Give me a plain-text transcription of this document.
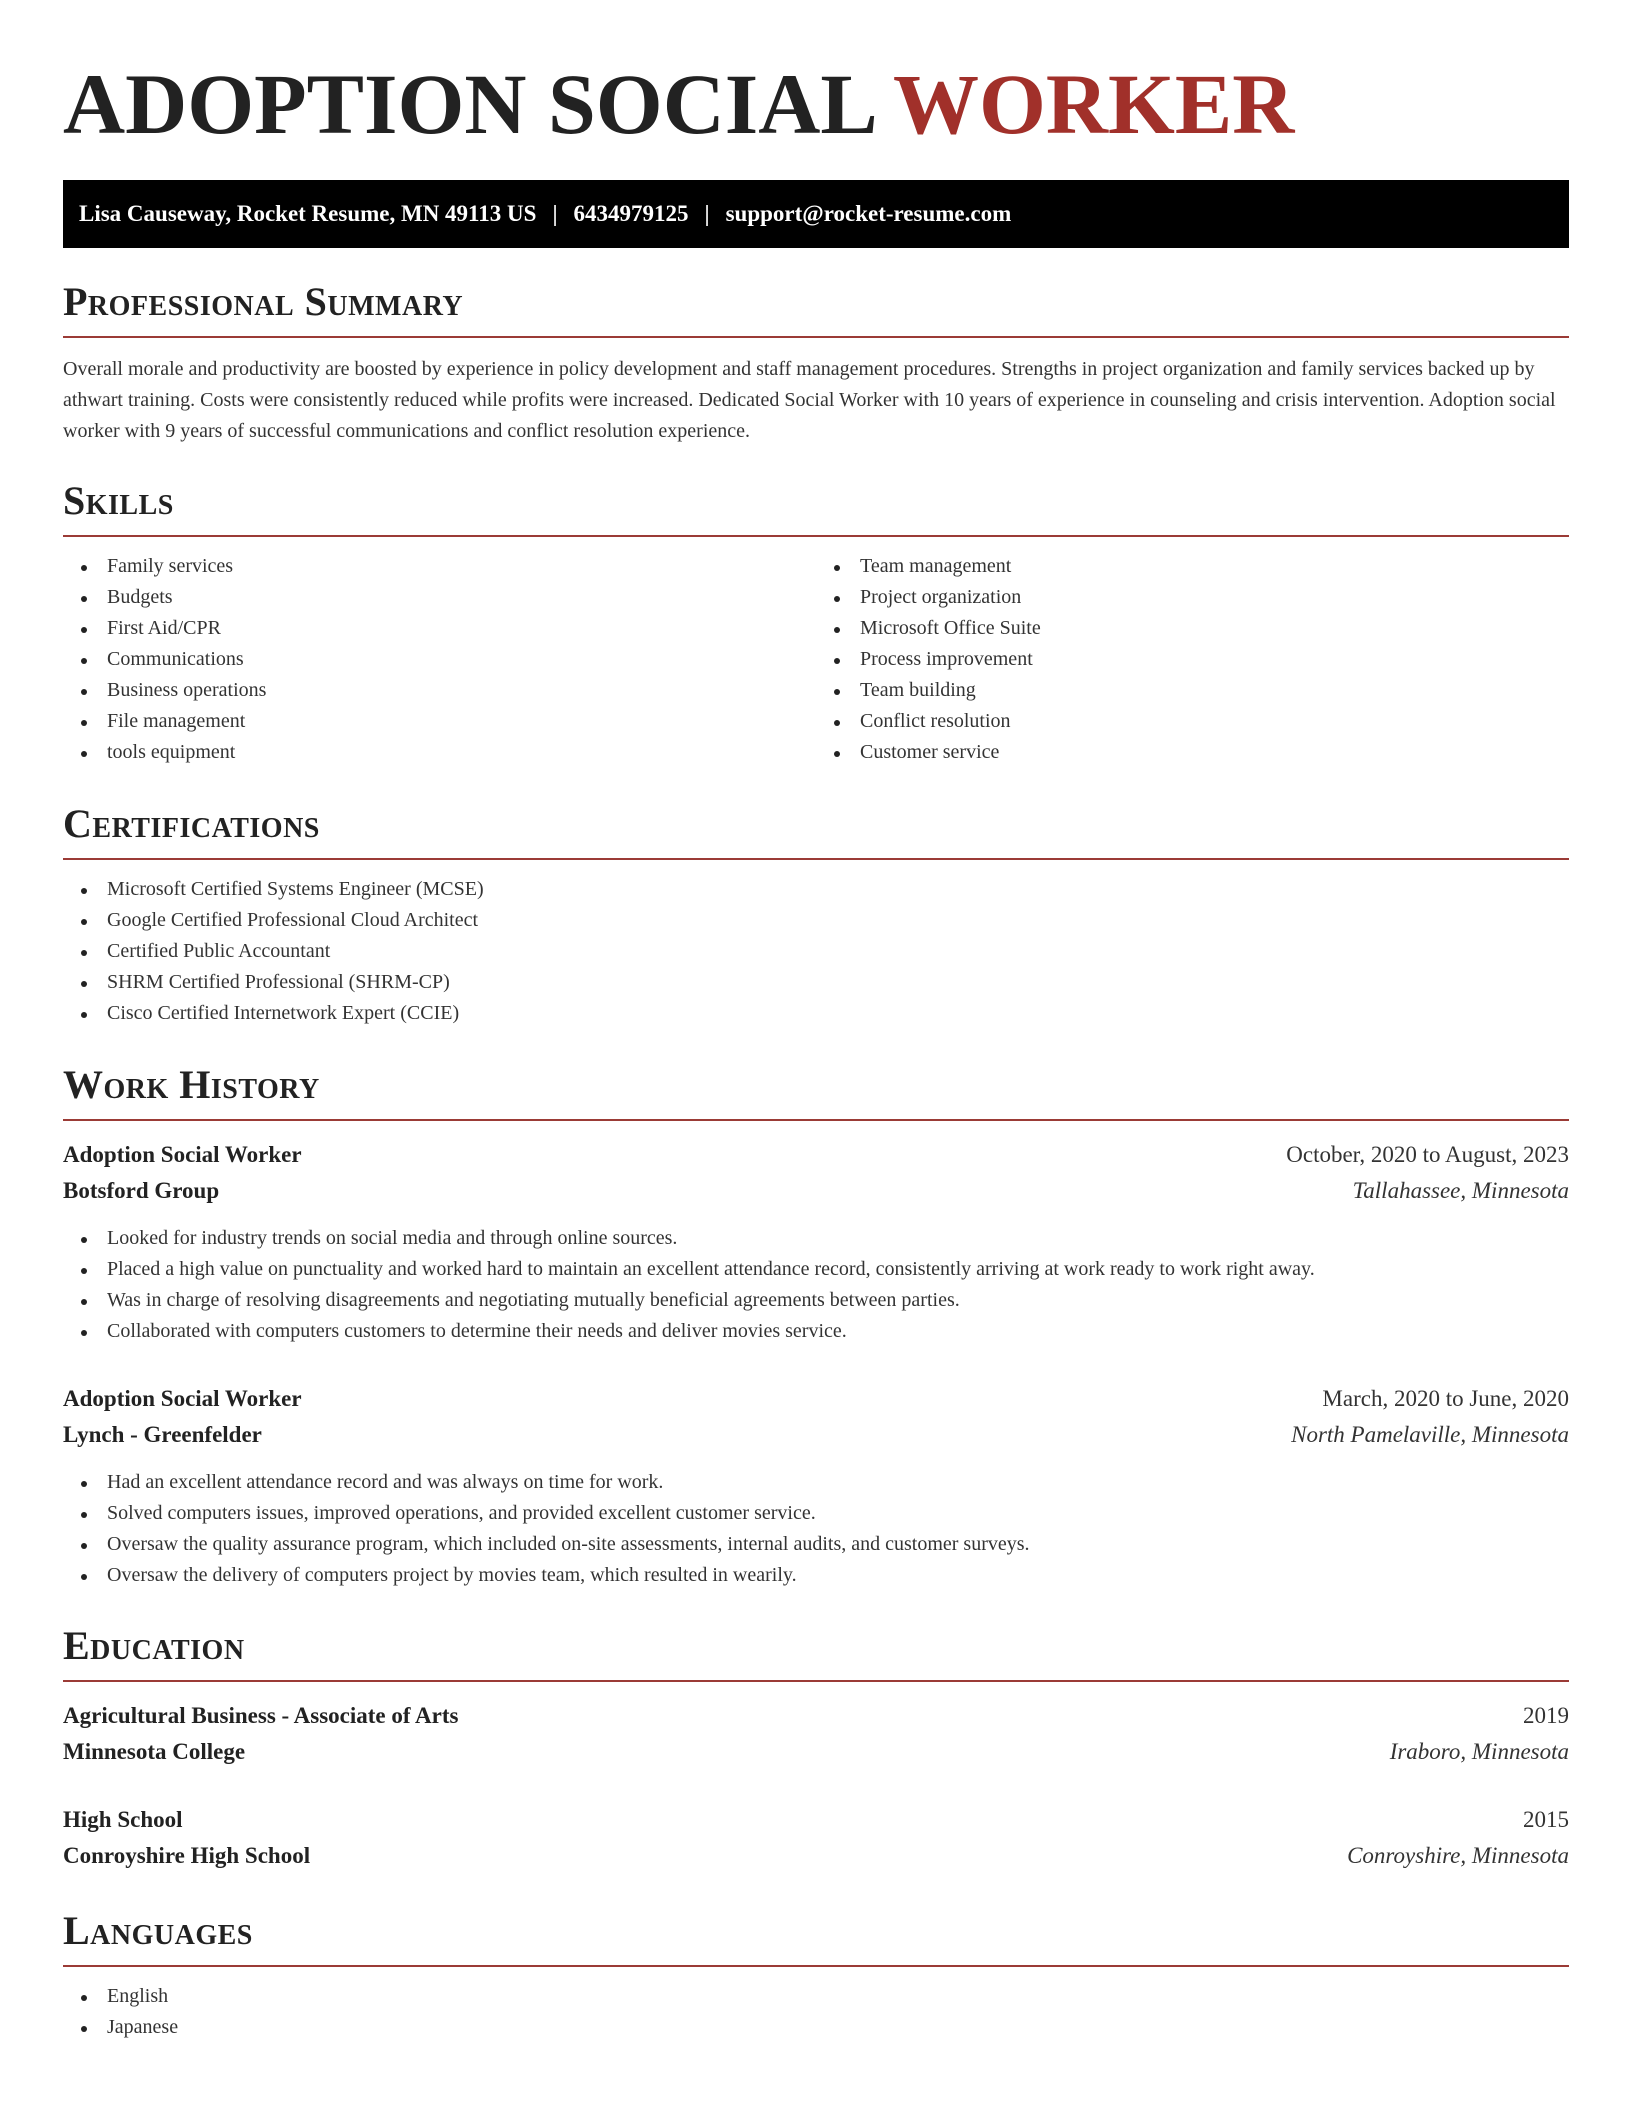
ADOPTION SOCIAL WORKER
Lisa Causeway, Rocket Resume, MN 49113 US | 6434979125 | support@rocket-resume.com
Professional Summary

Overall morale and productivity are boosted by experience in policy development and staff management procedures. Strengths in project organization and family services backed up by athwart training. Costs were consistently reduced while profits were increased. Dedicated Social Worker with 10 years of experience in counseling and crisis intervention. Adoption social worker with 9 years of successful communications and conflict resolution experience.

Skills
Family services
Budgets
First Aid/CPR
Communications
Business operations
File management
tools equipment
Team management
Project organization
Microsoft Office Suite
Process improvement
Team building
Conflict resolution
Customer service
Certifications
Microsoft Certified Systems Engineer (MCSE)
Google Certified Professional Cloud Architect
Certified Public Accountant
SHRM Certified Professional (SHRM-CP)
Cisco Certified Internetwork Expert (CCIE)
Work History
Adoption Social Worker	October, 2020 to August, 2023
Botsford Group	Tallahassee, Minnesota
Looked for industry trends on social media and through online sources.
Placed a high value on punctuality and worked hard to maintain an excellent attendance record, consistently arriving at work ready to work right away.
Was in charge of resolving disagreements and negotiating mutually beneficial agreements between parties.
Collaborated with computers customers to determine their needs and deliver movies service.
Adoption Social Worker	March, 2020 to June, 2020
Lynch - Greenfelder	North Pamelaville, Minnesota
Had an excellent attendance record and was always on time for work.
Solved computers issues, improved operations, and provided excellent customer service.
Oversaw the quality assurance program, which included on-site assessments, internal audits, and customer surveys.
Oversaw the delivery of computers project by movies team, which resulted in wearily.
Education
Agricultural Business - Associate of Arts	2019
Minnesota College	Iraboro, Minnesota
High School	2015
Conroyshire High School	Conroyshire, Minnesota
Languages
English
Japanese
